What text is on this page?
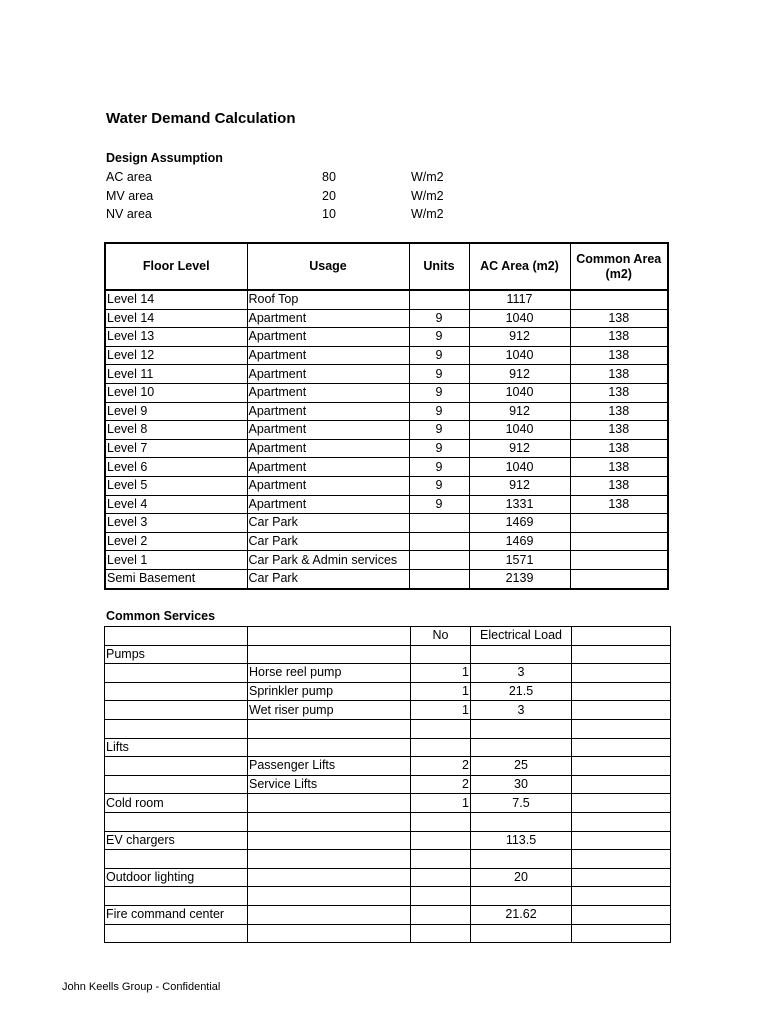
Water Demand Calculation
Design Assumption
AC area	80	W/m2
MV area	20	W/m2
NV area	10	W/m2
Floor Level	Usage	Units	AC Area (m2)	Common Area (m2)
Level 14	Roof Top		1117	
Level 14	Apartment	9	1040	138
Level 13	Apartment	9	912	138
Level 12	Apartment	9	1040	138
Level 11	Apartment	9	912	138
Level 10	Apartment	9	1040	138
Level 9	Apartment	9	912	138
Level 8	Apartment	9	1040	138
Level 7	Apartment	9	912	138
Level 6	Apartment	9	1040	138
Level 5	Apartment	9	912	138
Level 4	Apartment	9	1331	138
Level 3	Car Park		1469	
Level 2	Car Park		1469	
Level 1	Car Park & Admin services		1571	
Semi Basement	Car Park		2139	
Common Services
		No	Electrical Load	
Pumps				
	Horse reel pump	1	3	
	Sprinkler pump	1	21.5	
	Wet riser pump	1	3	

Lifts				
	Passenger Lifts	2	25	
	Service Lifts	2	30	
Cold room		1	7.5	

EV chargers			113.5	

Outdoor lighting			20	

Fire command center			21.62	

John Keells Group - Confidential
